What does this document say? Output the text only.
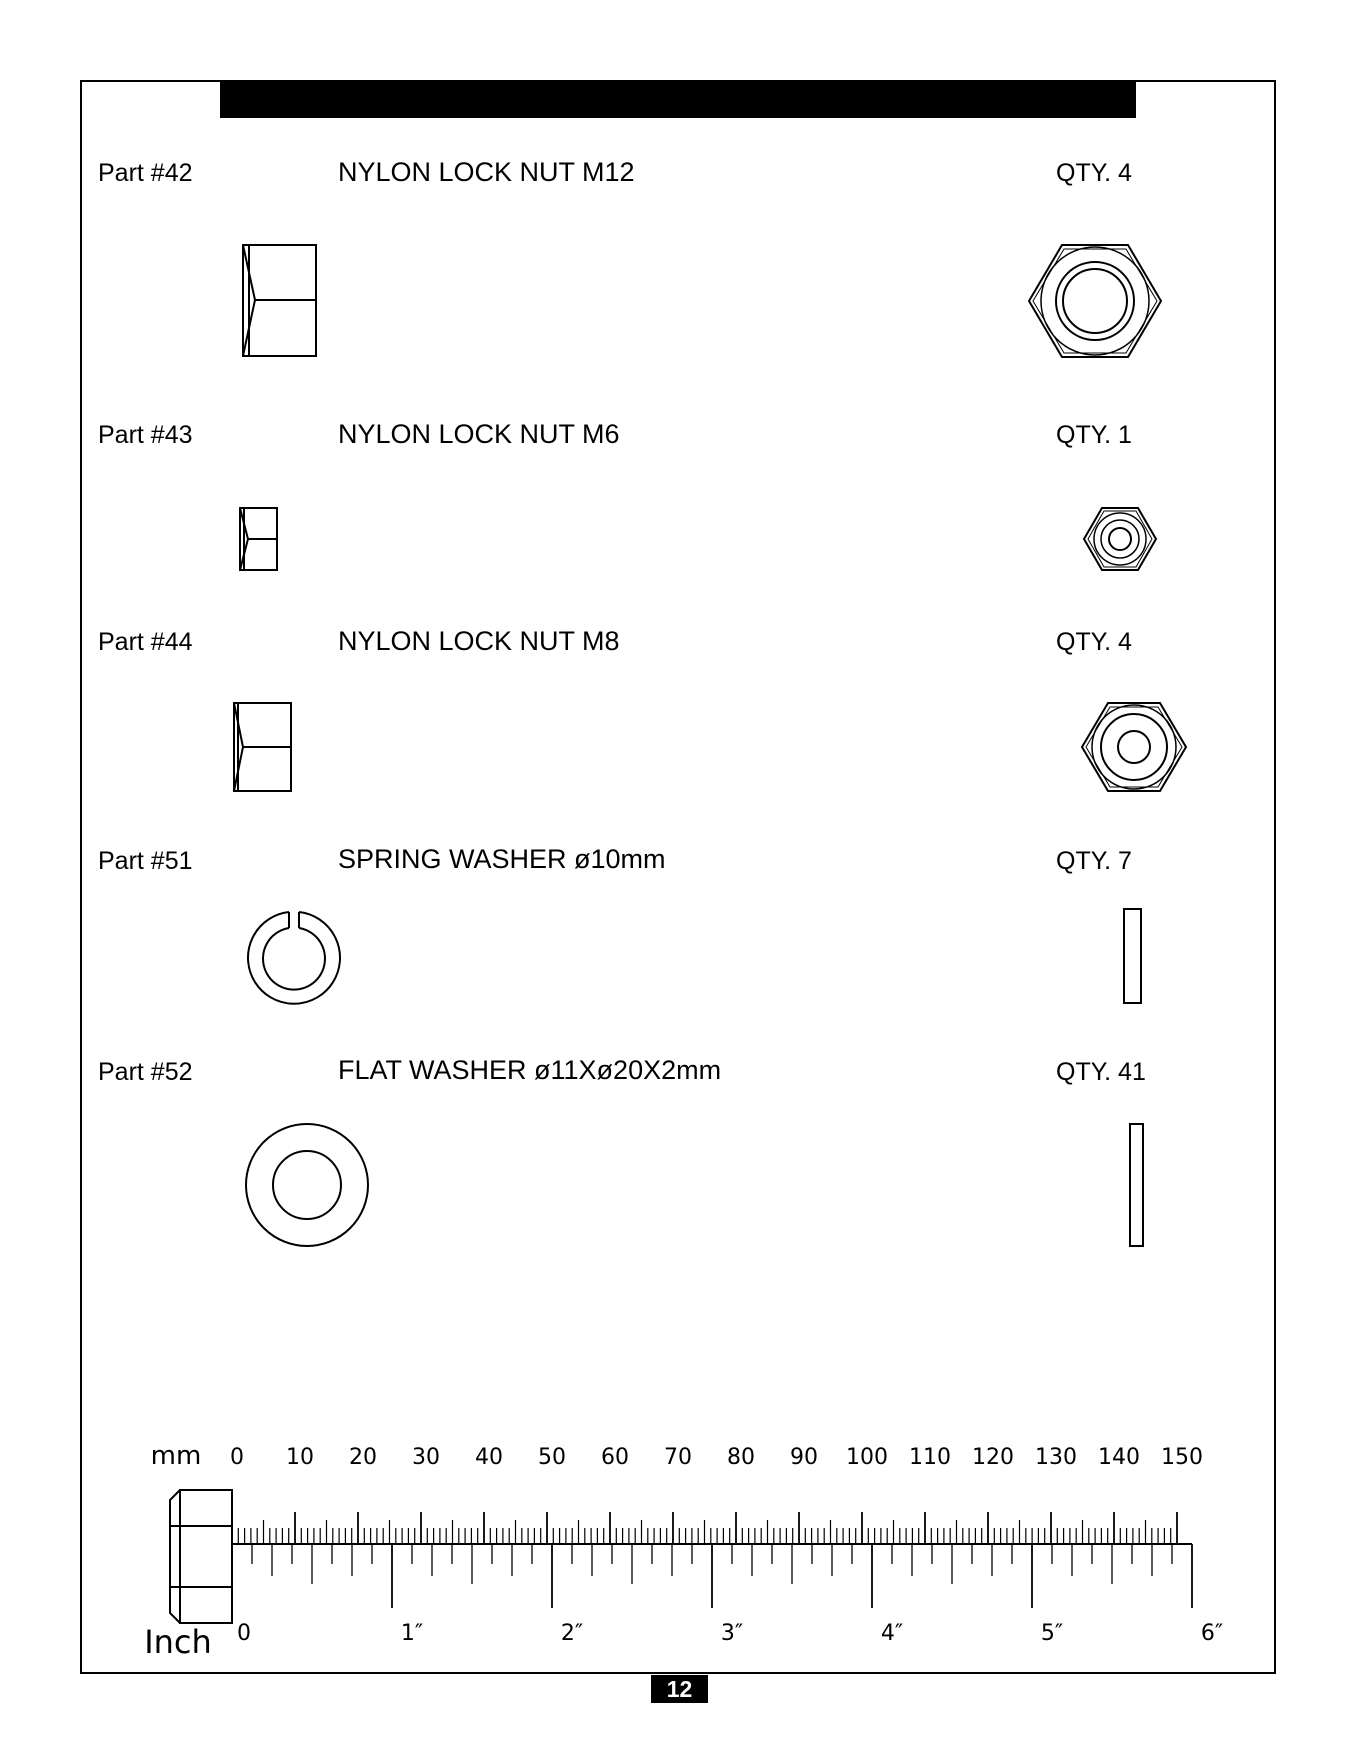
Part #42	NYLON LOCK NUT M12	QTY. 4
Part #43	NYLON LOCK NUT M6	QTY. 1
Part #44	NYLON LOCK NUT M8	QTY. 4
Part #51	SPRING WASHER ø10mm	QTY. 7
Part #52	FLAT WASHER ø11Xø20X2mm	QTY. 41
mm
Inch
0 10 20 30 40 50 60 70 80 90 100 110 120 130 140 150
0	1″	2″	3″	4″	5″	6″
12
